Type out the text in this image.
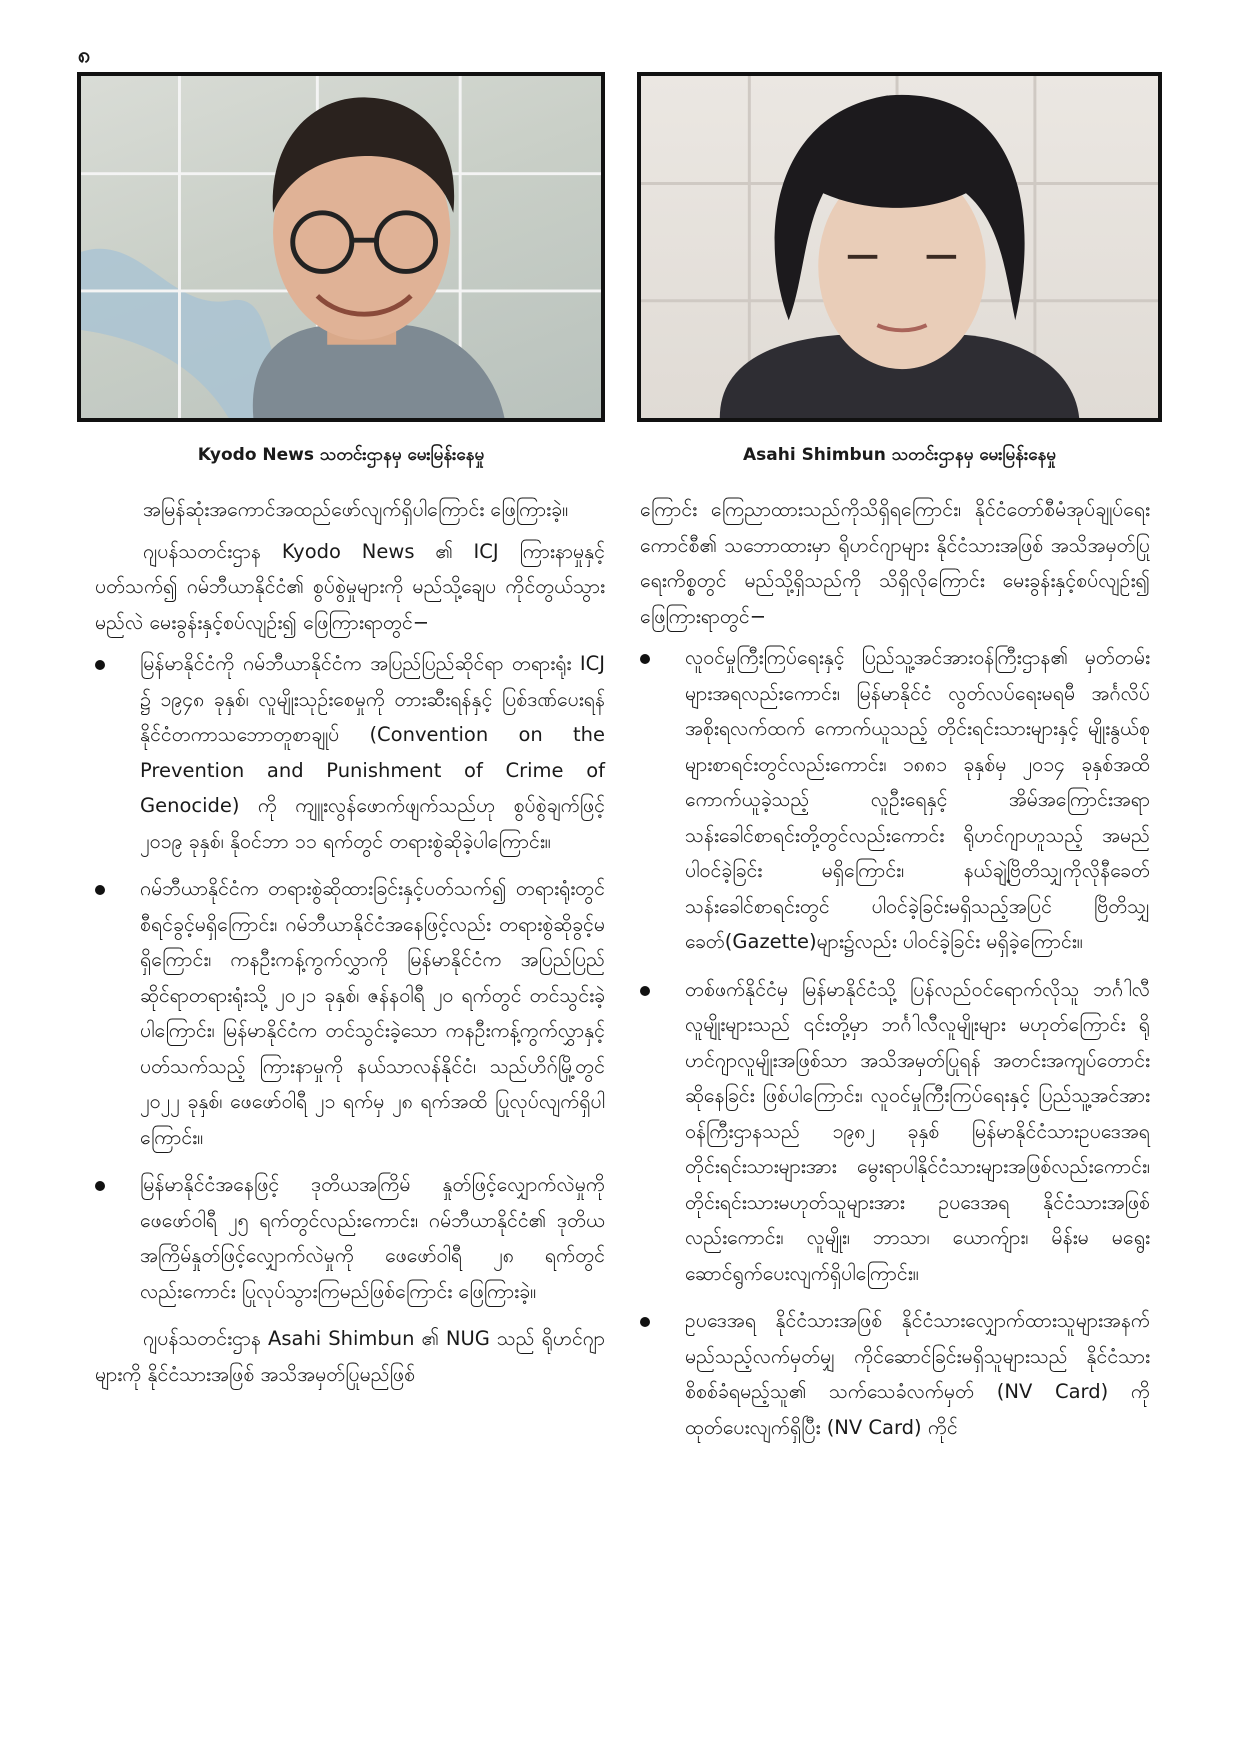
၈
Kyodo News သတင်းဌာနမှ မေးမြန်းနေမှု	Asahi Shimbun သတင်းဌာနမှ မေးမြန်းနေမှု

အမြန်ဆုံးအကောင်အထည်ဖော်လျက်ရှိပါကြောင်း ဖြေကြားခဲ့။

ဂျပန်သတင်းဌာန Kyodo News ၏ ICJ ကြားနာမှုနှင့်ပတ်သက်၍ ဂမ်ဘီယာနိုင်ငံ၏ စွပ်စွဲမှုများကို မည်သို့ချေပ ကိုင်တွယ်သွားမည်လဲ မေးခွန်းနှင့်စပ်လျဉ်း၍ ဖြေကြားရာတွင်−

မြန်မာနိုင်ငံကို ဂမ်ဘီယာနိုင်ငံက အပြည်ပြည်ဆိုင်ရာ တရားရုံး ICJ ၌ ၁၉၄၈ ခုနှစ်၊ လူမျိုးသုဉ်းစေမှုကို တားဆီးရန်နှင့် ပြစ်ဒဏ်ပေးရန် နိုင်ငံတကာသဘောတူစာချုပ် (Convention on the Prevention and Punishment of Crime of Genocide) ကို ကျူးလွန်ဖောက်ဖျက်သည်ဟု စွပ်စွဲချက်ဖြင့် ၂၀၁၉ ခုနှစ်၊ နိုဝင်ဘာ ၁၁ ရက်တွင် တရားစွဲဆိုခဲ့ပါကြောင်း။
ဂမ်ဘီယာနိုင်ငံက တရားစွဲဆိုထားခြင်းနှင့်ပတ်သက်၍ တရားရုံးတွင် စီရင်ခွင့်မရှိကြောင်း၊ ဂမ်ဘီယာနိုင်ငံအနေဖြင့်လည်း တရားစွဲဆိုခွင့်မရှိကြောင်း၊ ကနဦးကန့်ကွက်လွှာကို မြန်မာနိုင်ငံက အပြည်ပြည်ဆိုင်ရာတရားရုံးသို့ ၂၀၂၁ ခုနှစ်၊ ဇန်နဝါရီ ၂၀ ရက်တွင် တင်သွင်းခဲ့ပါကြောင်း၊ မြန်မာနိုင်ငံက တင်သွင်းခဲ့သော ကနဦးကန့်ကွက်လွှာနှင့် ပတ်သက်သည့် ကြားနာမှုကို နယ်သာလန်နိုင်ငံ၊ သည်ဟိဂ်မြို့တွင် ၂၀၂၂ ခုနှစ်၊ ဖေဖော်ဝါရီ ၂၁ ရက်မှ ၂၈ ရက်အထိ ပြုလုပ်လျက်ရှိပါကြောင်း။
မြန်မာနိုင်ငံအနေဖြင့် ဒုတိယအကြိမ် နှုတ်ဖြင့်လျှောက်လဲမှုကို ဖေဖော်ဝါရီ ၂၅ ရက်တွင်လည်းကောင်း၊ ဂမ်ဘီယာနိုင်ငံ၏ ဒုတိယအကြိမ်နှုတ်ဖြင့်လျှောက်လဲမှုကို ဖေဖော်ဝါရီ ၂၈ ရက်တွင်လည်းကောင်း ပြုလုပ်သွားကြမည်ဖြစ်ကြောင်း ဖြေကြားခဲ့။

ဂျပန်သတင်းဌာန Asahi Shimbun ၏ NUG သည် ရိုဟင်ဂျာများကို နိုင်ငံသားအဖြစ် အသိအမှတ်ပြုမည်ဖြစ်

ကြောင်း ကြေညာထားသည်ကိုသိရှိရကြောင်း၊ နိုင်ငံတော်စီမံအုပ်ချုပ်ရေးကောင်စီ၏ သဘောထားမှာ ရိုဟင်ဂျာများ နိုင်ငံသားအဖြစ် အသိအမှတ်ပြုရေးကိစ္စတွင် မည်သို့ရှိသည်ကို သိရှိလိုကြောင်း မေးခွန်းနှင့်စပ်လျဉ်း၍ ဖြေကြားရာတွင်−

လူဝင်မှုကြီးကြပ်ရေးနှင့် ပြည်သူ့အင်အားဝန်ကြီးဌာန၏ မှတ်တမ်းများအရလည်းကောင်း၊ မြန်မာနိုင်ငံ လွတ်လပ်ရေးမရမီ အင်္ဂလိပ်အစိုးရလက်ထက် ကောက်ယူသည့် တိုင်းရင်းသားများနှင့် မျိုးနွယ်စုများစာရင်းတွင်လည်းကောင်း၊ ၁၈၈၁ ခုနှစ်မှ ၂၀၁၄ ခုနှစ်အထိ ကောက်ယူခဲ့သည့် လူဦးရေနှင့် အိမ်အကြောင်းအရာသန်းခေါင်စာရင်းတို့တွင်လည်းကောင်း ရိုဟင်ဂျာဟူသည့် အမည်ပါဝင်ခဲ့ခြင်း မရှိကြောင်း၊ နယ်ချဲ့ဗြိတိသျှကိုလိုနီခေတ် သန်းခေါင်စာရင်းတွင် ပါဝင်ခဲ့ခြင်းမရှိသည့်အပြင် ဗြိတိသျှခေတ်(Gazette)များ၌လည်း ပါဝင်ခဲ့ခြင်း မရှိခဲ့ကြောင်း။
တစ်ဖက်နိုင်ငံမှ မြန်မာနိုင်ငံသို့ ပြန်လည်ဝင်ရောက်လိုသူ ဘင်္ဂါလီလူမျိုးများသည် ၎င်းတို့မှာ ဘင်္ဂါလီလူမျိုးများ မဟုတ်ကြောင်း ရိုဟင်ဂျာလူမျိုးအဖြစ်သာ အသိအမှတ်ပြုရန် အတင်းအကျပ်တောင်းဆိုနေခြင်း ဖြစ်ပါကြောင်း၊ လူဝင်မှုကြီးကြပ်ရေးနှင့် ပြည်သူ့အင်အားဝန်ကြီးဌာနသည် ၁၉၈၂ ခုနှစ် မြန်မာနိုင်ငံသားဥပဒေအရ တိုင်းရင်းသားများအား မွေးရာပါနိုင်ငံသားများအဖြစ်လည်းကောင်း၊ တိုင်းရင်းသားမဟုတ်သူများအား ဥပဒေအရ နိုင်ငံသားအဖြစ်လည်းကောင်း၊ လူမျိုး၊ ဘာသာ၊ ယောက်ျား၊ မိန်းမ မရွေး ဆောင်ရွက်ပေးလျက်ရှိပါကြောင်း။
ဥပဒေအရ နိုင်ငံသားအဖြစ် နိုင်ငံသားလျှောက်ထားသူများအနက် မည်သည့်လက်မှတ်မျှ ကိုင်ဆောင်ခြင်းမရှိသူများသည် နိုင်ငံသားစိစစ်ခံရမည့်သူ၏ သက်သေခံလက်မှတ် (NV Card) ကို ထုတ်ပေးလျက်ရှိပြီး (NV Card) ကိုင်
